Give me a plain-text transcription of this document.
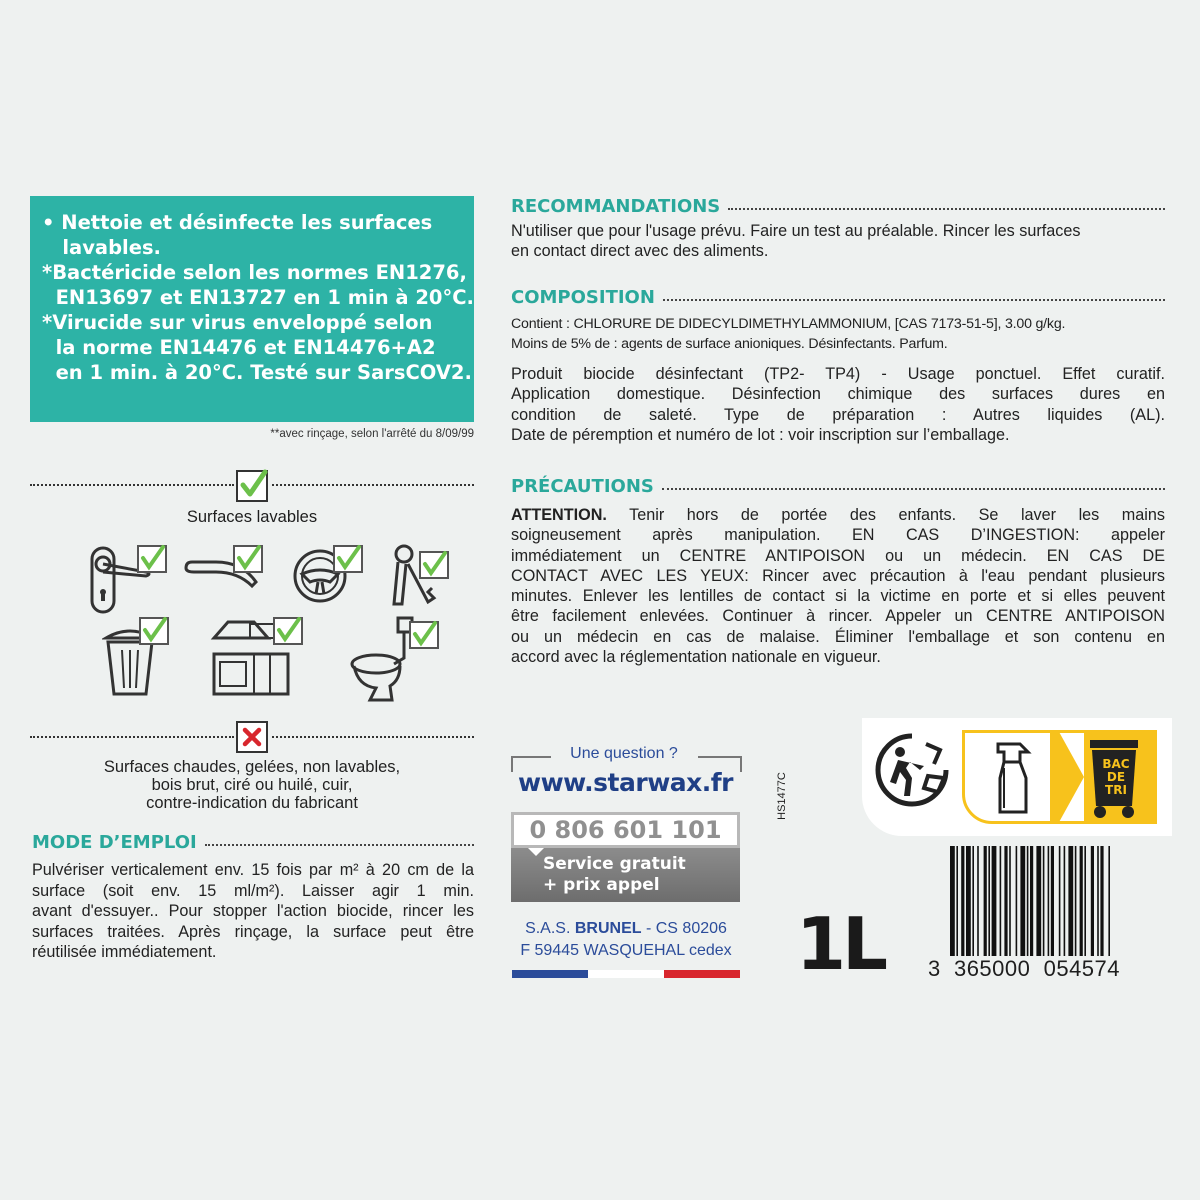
• Nettoie et désinfecte les surfaces
lavables.
*Bactéricide selon les normes EN1276,
EN13697 et EN13727 en 1 min à 20°C.
*Virucide sur virus enveloppé selon
la norme EN14476 et EN14476+A2
en 1 min. à 20°C. Testé sur SarsCOV2.
**avec rinçage, selon l'arrêté du 8/09/99
Surfaces lavables
Surfaces chaudes, gelées, non lavables,
bois brut, ciré ou huilé, cuir,
contre-indication du fabricant
MODE D’EMPLOI
Pulvériser verticalement env. 15 fois par m² à 20 cm de la
surface (soit env. 15 ml/m²). Laisser agir 1 min.
avant d'essuyer.. Pour stopper l'action biocide, rincer les
surfaces traitées. Après rinçage, la surface peut être
réutilisée immédiatement.
RECOMMANDATIONS
N'utiliser que pour l'usage prévu. Faire un test au préalable. Rincer les surfaces
en contact direct avec des aliments.
COMPOSITION
Contient : CHLORURE DE DIDECYLDIMETHYLAMMONIUM, [CAS 7173-51-5], 3.00 g/kg.
Moins de 5% de : agents de surface anioniques. Désinfectants. Parfum.
Produit biocide désinfectant (TP2- TP4) - Usage ponctuel. Effet curatif.
Application domestique. Désinfection chimique des surfaces dures en
condition de saleté. Type de préparation : Autres liquides (AL).
Date de péremption et numéro de lot : voir inscription sur l’emballage.
PRÉCAUTIONS
ATTENTION. Tenir hors de portée des enfants. Se laver les mains
soigneusement après manipulation. EN CAS D’INGESTION: appeler
immédiatement un CENTRE ANTIPOISON ou un médecin. EN CAS DE
CONTACT AVEC LES YEUX: Rincer avec précaution à l'eau pendant plusieurs
minutes. Enlever les lentilles de contact si la victime en porte et si elles peuvent
être facilement enlevées. Continuer à rincer. Appeler un CENTRE ANTIPOISON
ou un médecin en cas de malaise. Éliminer l'emballage et son contenu en
accord avec la réglementation nationale en vigueur.
Une question ?
www.starwax.fr
0 806 601 101
Service gratuit
+ prix appel
S.A.S. BRUNEL - CS 80206
F 59445 WASQUEHAL cedex
HS1477C
1L
BAC
DE
TRI
3  365000  054574
